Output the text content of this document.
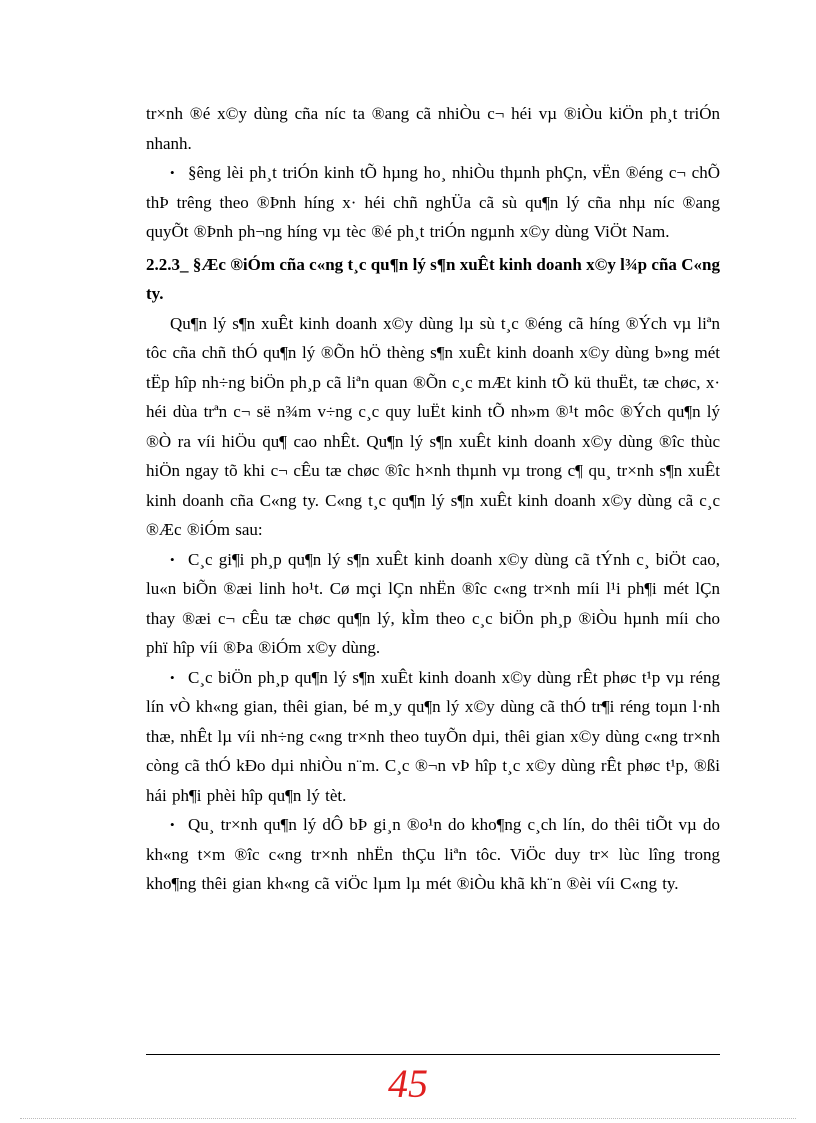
tr×nh ®é x©y dùng cña níc ta ®ang cã nhiÒu c¬ héi vµ ®iÒu kiÖn ph¸t triÓn nhanh.

• §êng lèi ph¸t triÓn kinh tÕ hµng ho¸ nhiÒu thµnh phÇn, vËn ®éng c¬ chÕ thÞ trêng theo ®Þnh híng x· héi chñ nghÜa cã sù qu¶n lý cña nhµ níc ®ang quyÕt ®Þnh ph¬ng híng vµ tèc ®é ph¸t triÓn ngµnh x©y dùng ViÖt Nam.

2.2.3_ §Æc ®iÓm cña c«ng t¸c qu¶n lý s¶n xuÊt kinh doanh x©y l¾p cña C«ng ty.

Qu¶n lý s¶n xuÊt kinh doanh x©y dùng lµ sù t¸c ®éng cã híng ®Ých vµ liªn tôc cña chñ thÓ qu¶n lý ®Õn hÖ thèng s¶n xuÊt kinh doanh x©y dùng b»ng mét tËp hîp nh÷ng biÖn ph¸p cã liªn quan ®Õn c¸c mÆt kinh tÕ kü thuËt, tæ chøc, x· héi dùa trªn c¬ së n¾m v÷ng c¸c quy luËt kinh tÕ nh»m ®¹t môc ®Ých qu¶n lý ®Ò ra víi hiÖu qu¶ cao nhÊt. Qu¶n lý s¶n xuÊt kinh doanh x©y dùng ®îc thùc hiÖn ngay tõ khi c¬ cÊu tæ chøc ®îc h×nh thµnh vµ trong c¶ qu¸ tr×nh s¶n xuÊt kinh doanh cña C«ng ty. C«ng t¸c qu¶n lý s¶n xuÊt kinh doanh x©y dùng cã c¸c ®Æc ®iÓm sau:

• C¸c gi¶i ph¸p qu¶n lý s¶n xuÊt kinh doanh x©y dùng cã tÝnh c¸ biÖt cao, lu«n biÕn ®æi linh ho¹t. Cø mçi lÇn nhËn ®îc c«ng tr×nh míi l¹i ph¶i mét lÇn thay ®æi c¬ cÊu tæ chøc qu¶n lý, kÌm theo c¸c biÖn ph¸p ®iÒu hµnh míi cho phï hîp víi ®Þa ®iÓm x©y dùng.

• C¸c biÖn ph¸p qu¶n lý s¶n xuÊt kinh doanh x©y dùng rÊt phøc t¹p vµ réng lín vÒ kh«ng gian, thêi gian, bé m¸y qu¶n lý x©y dùng cã thÓ tr¶i réng toµn l·nh thæ, nhÊt lµ víi nh÷ng c«ng tr×nh theo tuyÕn dµi, thêi gian x©y dùng c«ng tr×nh còng cã thÓ kÐo dµi nhiÒu n¨m. C¸c ®¬n vÞ hîp t¸c x©y dùng rÊt phøc t¹p, ®ßi hái ph¶i phèi hîp qu¶n lý tèt.

• Qu¸ tr×nh qu¶n lý dÔ bÞ gi¸n ®o¹n do kho¶ng c¸ch lín, do thêi tiÕt vµ do kh«ng t×m ®îc c«ng tr×nh nhËn thÇu liªn tôc. ViÖc duy tr× lùc lîng trong kho¶ng thêi gian kh«ng cã viÖc lµm lµ mét ®iÒu khã kh¨n ®èi víi C«ng ty.

45
